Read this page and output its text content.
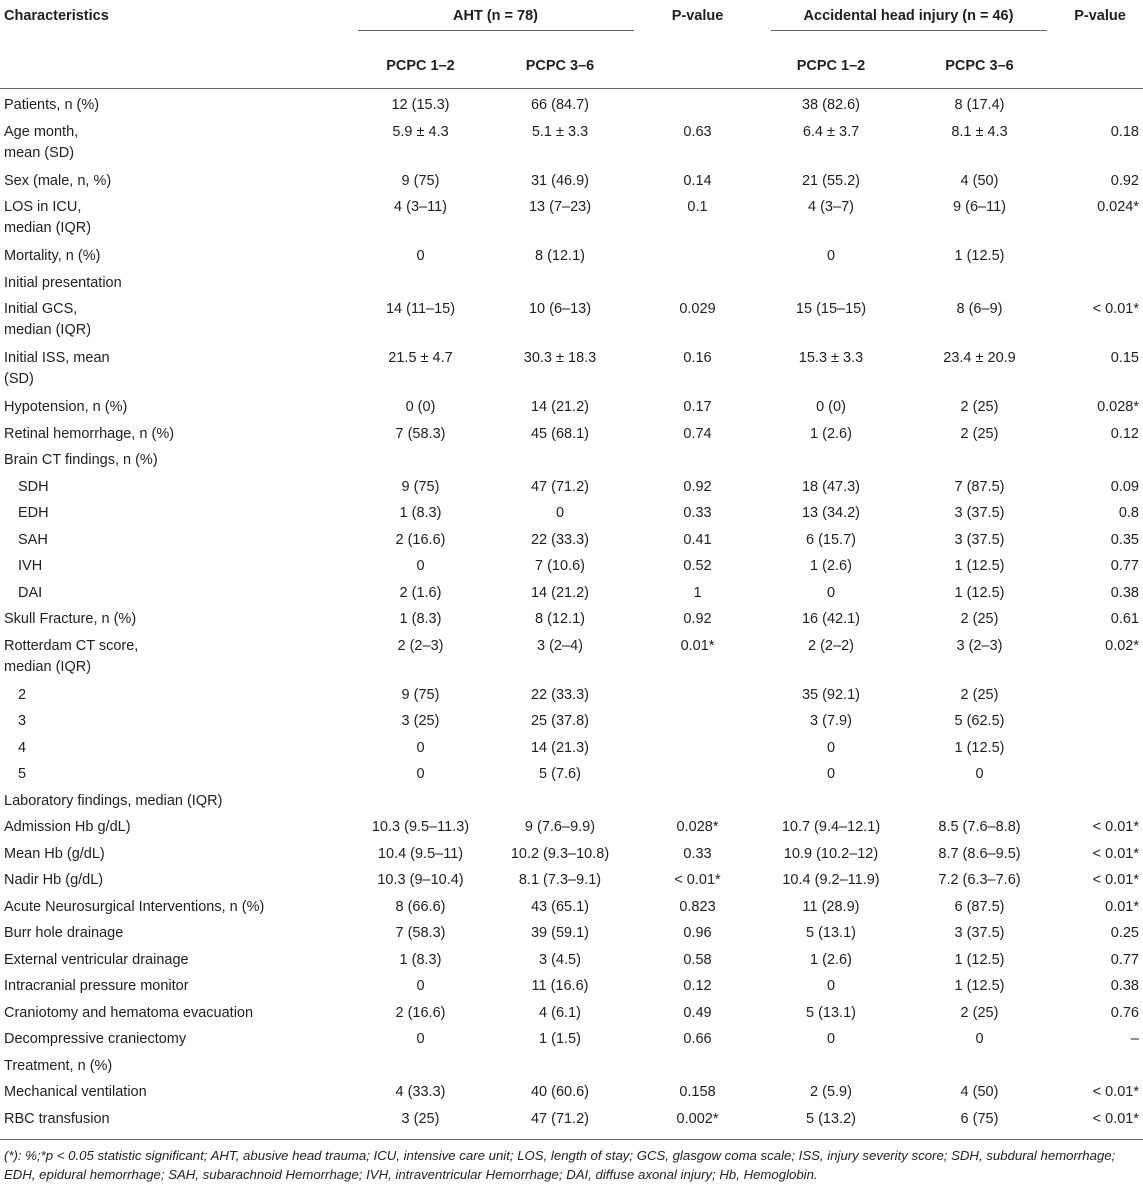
Characteristics	AHT (n = 78)		P-value	Accidental head injury (n = 46)		P-value
	PCPC 1–2	PCPC 3–6		PCPC 1–2	PCPC 3–6	
Patients, n (%)	12 (15.3)	66 (84.7)		38 (82.6)	8 (17.4)	
Age month,
mean (SD)	5.9 ± 4.3	5.1 ± 3.3	0.63	6.4 ± 3.7	8.1 ± 4.3	0.18
Sex (male, n, %)	9 (75)	31 (46.9)	0.14	21 (55.2)	4 (50)	0.92
LOS in ICU,
median (IQR)	4 (3–11)	13 (7–23)	0.1	4 (3–7)	9 (6–11)	0.024*
Mortality, n (%)	0	8 (12.1)		0	1 (12.5)	
Initial presentation						
Initial GCS,
median (IQR)	14 (11–15)	10 (6–13)	0.029	15 (15–15)	8 (6–9)	< 0.01*
Initial ISS, mean
(SD)	21.5 ± 4.7	30.3 ± 18.3	0.16	15.3 ± 3.3	23.4 ± 20.9	0.15
Hypotension, n (%)	0 (0)	14 (21.2)	0.17	0 (0)	2 (25)	0.028*
Retinal hemorrhage, n (%)	7 (58.3)	45 (68.1)	0.74	1 (2.6)	2 (25)	0.12
Brain CT findings, n (%)						
SDH	9 (75)	47 (71.2)	0.92	18 (47.3)	7 (87.5)	0.09
EDH	1 (8.3)	0	0.33	13 (34.2)	3 (37.5)	0.8
SAH	2 (16.6)	22 (33.3)	0.41	6 (15.7)	3 (37.5)	0.35
IVH	0	7 (10.6)	0.52	1 (2.6)	1 (12.5)	0.77
DAI	2 (1.6)	14 (21.2)	1	0	1 (12.5)	0.38
Skull Fracture, n (%)	1 (8.3)	8 (12.1)	0.92	16 (42.1)	2 (25)	0.61
Rotterdam CT score,
median (IQR)	2 (2–3)	3 (2–4)	0.01*	2 (2–2)	3 (2–3)	0.02*
2	9 (75)	22 (33.3)		35 (92.1)	2 (25)	
3	3 (25)	25 (37.8)		3 (7.9)	5 (62.5)	
4	0	14 (21.3)		0	1 (12.5)	
5	0	5 (7.6)		0	0	
Laboratory findings, median (IQR)						
Admission Hb g/dL)	10.3 (9.5–11.3)	9 (7.6–9.9)	0.028*	10.7 (9.4–12.1)	8.5 (7.6–8.8)	< 0.01*
Mean Hb (g/dL)	10.4 (9.5–11)	10.2 (9.3–10.8)	0.33	10.9 (10.2–12)	8.7 (8.6–9.5)	< 0.01*
Nadir Hb (g/dL)	10.3 (9–10.4)	8.1 (7.3–9.1)	< 0.01*	10.4 (9.2–11.9)	7.2 (6.3–7.6)	< 0.01*
Acute Neurosurgical Interventions, n (%)	8 (66.6)	43 (65.1)	0.823	11 (28.9)	6 (87.5)	0.01*
Burr hole drainage	7 (58.3)	39 (59.1)	0.96	5 (13.1)	3 (37.5)	0.25
External ventricular drainage	1 (8.3)	3 (4.5)	0.58	1 (2.6)	1 (12.5)	0.77
Intracranial pressure monitor	0	11 (16.6)	0.12	0	1 (12.5)	0.38
Craniotomy and hematoma evacuation	2 (16.6)	4 (6.1)	0.49	5 (13.1)	2 (25)	0.76
Decompressive craniectomy	0	1 (1.5)	0.66	0	0	–
Treatment, n (%)						
Mechanical ventilation	4 (33.3)	40 (60.6)	0.158	2 (5.9)	4 (50)	< 0.01*
RBC transfusion	3 (25)	47 (71.2)	0.002*	5 (13.2)	6 (75)	< 0.01*
(*): %;*p < 0.05 statistic significant; AHT, abusive head trauma; ICU, intensive care unit; LOS, length of stay; GCS, glasgow coma scale; ISS, injury severity score; SDH, subdural hemorrhage; EDH, epidural hemorrhage; SAH, subarachnoid Hemorrhage; IVH, intraventricular Hemorrhage; DAI, diffuse axonal injury; Hb, Hemoglobin.
